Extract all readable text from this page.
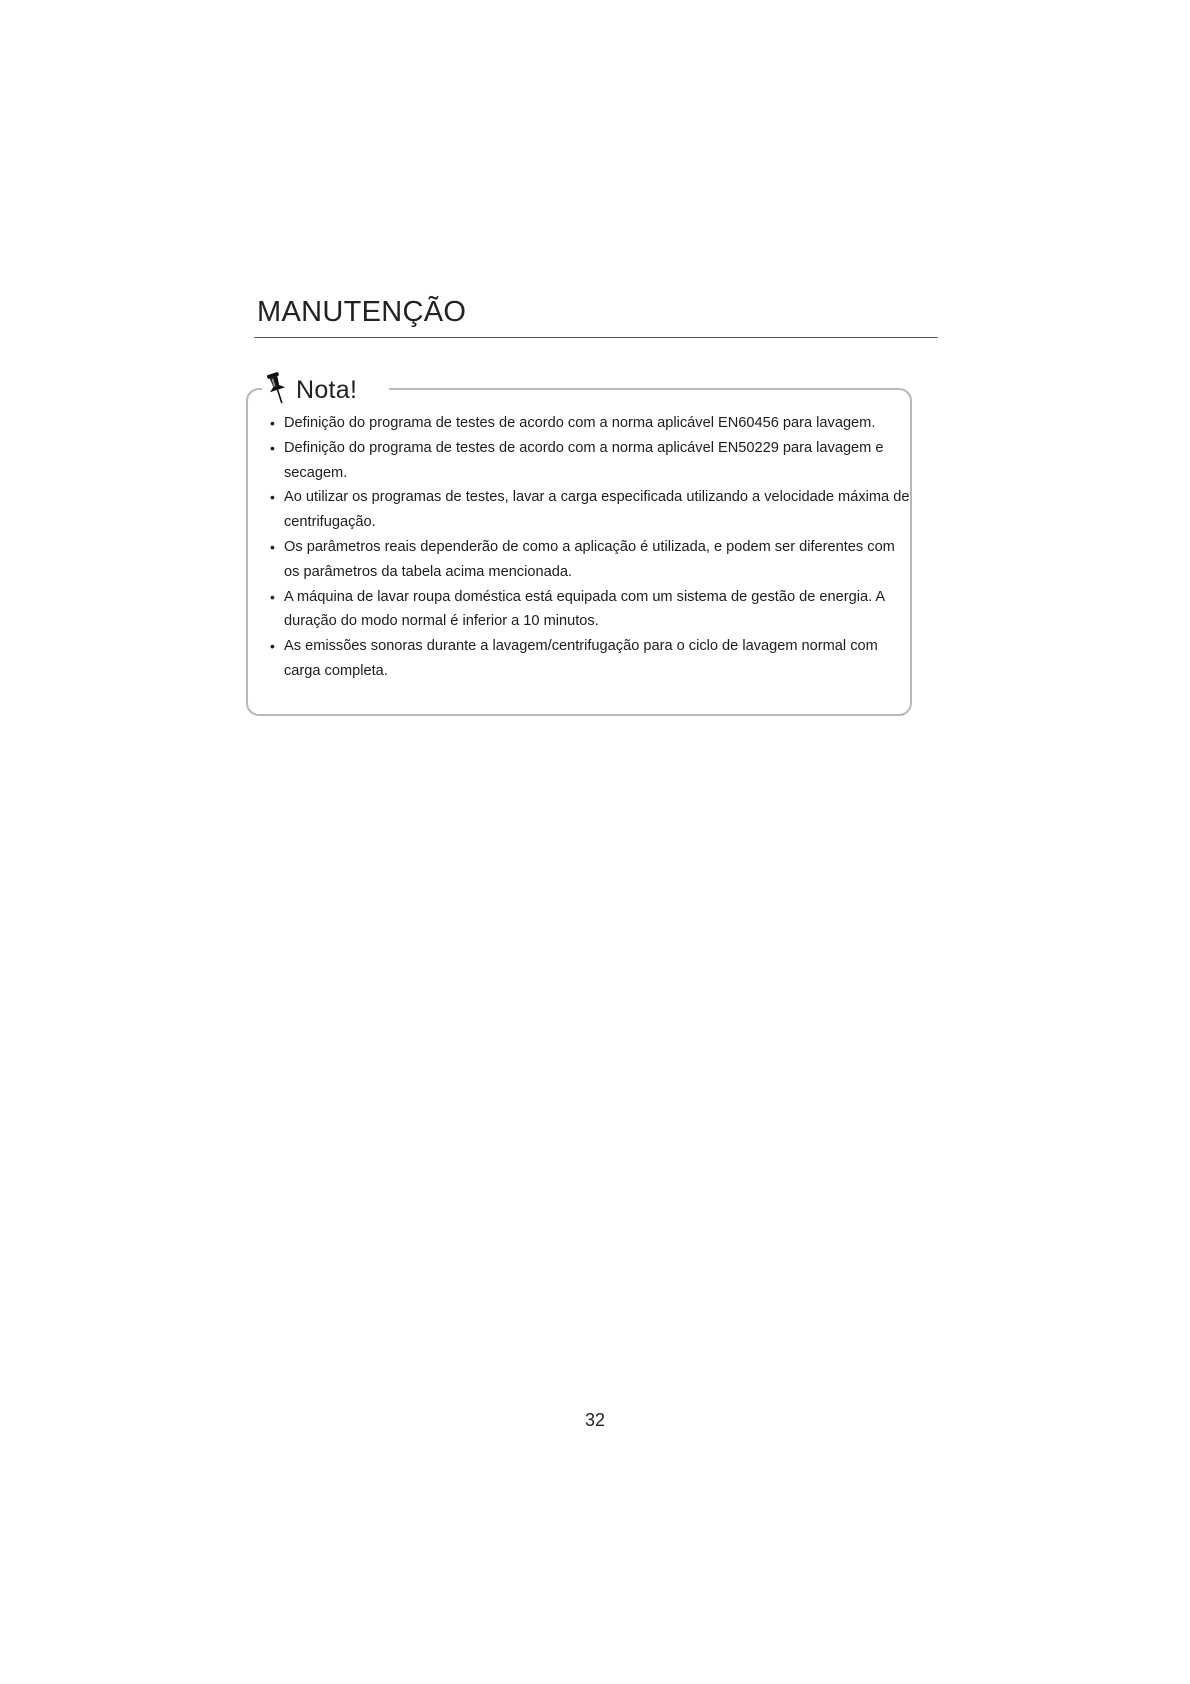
MANUTENÇÃO
Nota!
• Definição do programa de testes de acordo com a norma aplicável EN60456 para lavagem.
• Definição do programa de testes de acordo com a norma aplicável EN50229 para lavagem e secagem.
• Ao utilizar os programas de testes, lavar a carga especificada utilizando a velocidade máxima de centrifugação.
• Os parâmetros reais dependerão de como a aplicação é utilizada, e podem ser diferentes com os parâmetros da tabela acima mencionada.
• A máquina de lavar roupa doméstica está equipada com um sistema de gestão de energia. A duração do modo normal é inferior a 10 minutos.
• As emissões sonoras durante a lavagem/centrifugação para o ciclo de lavagem normal com carga completa.
32
